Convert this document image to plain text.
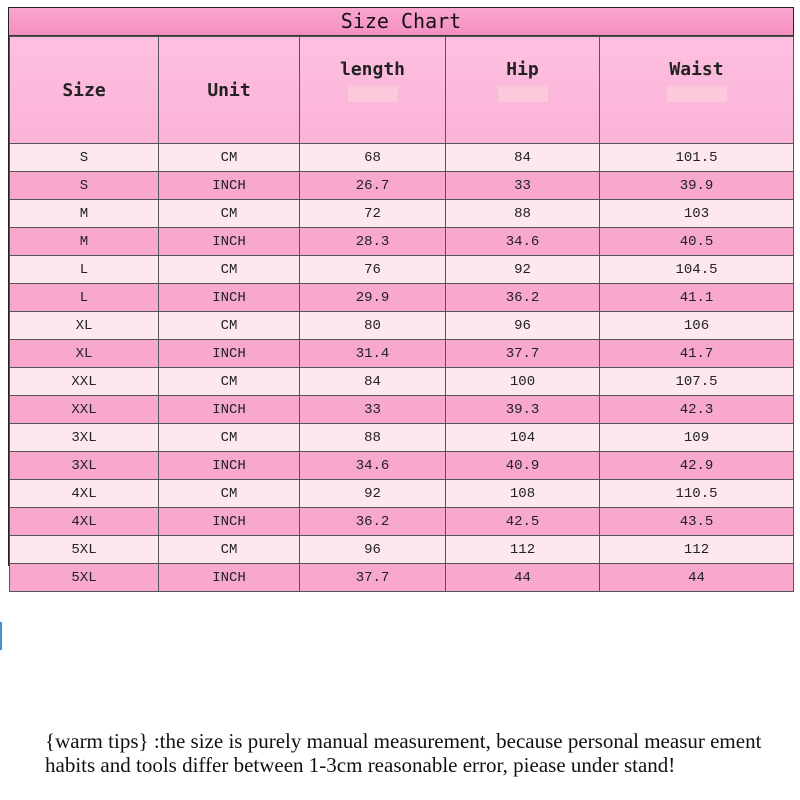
Size Chart
Size	Unit	length	Hip	Waist

S	CM	68	84	101.5
S	INCH	26.7	33	39.9
M	CM	72	88	103
M	INCH	28.3	34.6	40.5
L	CM	76	92	104.5
L	INCH	29.9	36.2	41.1
XL	CM	80	96	106
XL	INCH	31.4	37.7	41.7
XXL	CM	84	100	107.5
XXL	INCH	33	39.3	42.3
3XL	CM	88	104	109
3XL	INCH	34.6	40.9	42.9
4XL	CM	92	108	110.5
4XL	INCH	36.2	42.5	43.5
5XL	CM	96	112	112
5XL	INCH	37.7	44	44
{warm tips} :the size is purely manual measurement, because personal measur ement habits and tools differ between 1-3cm reasonable error, piease under stand!
